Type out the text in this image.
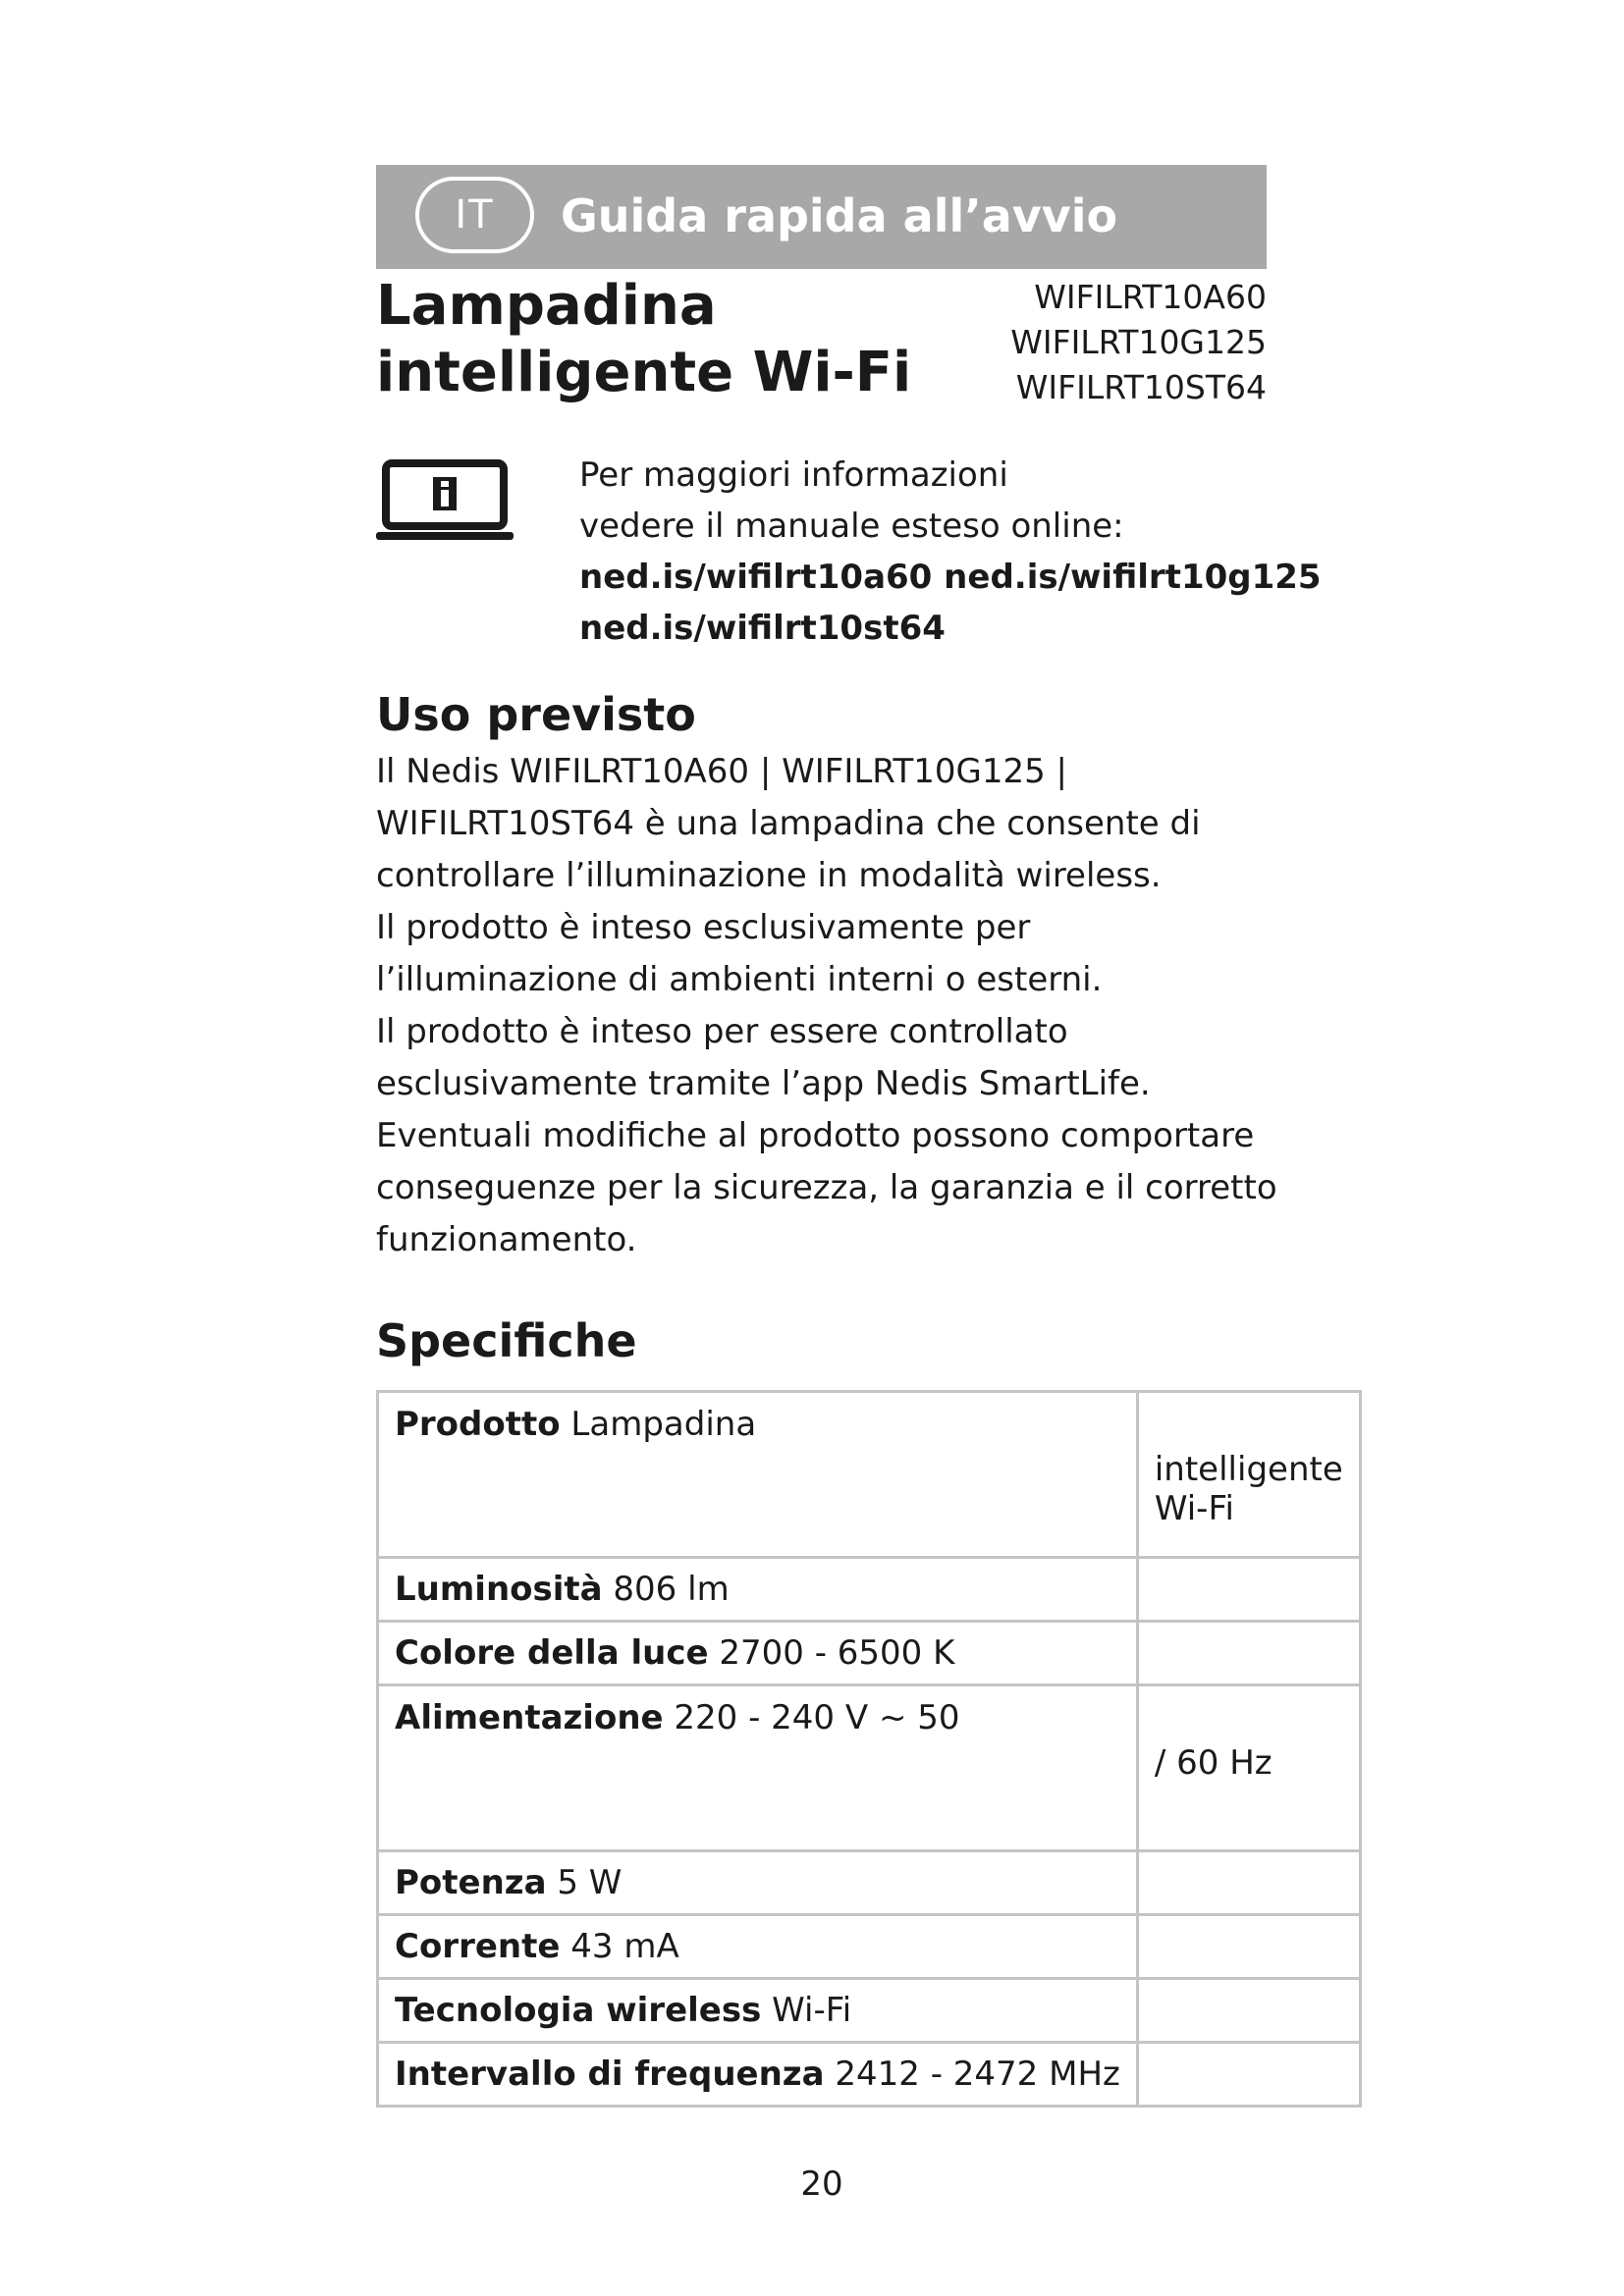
IT	Guida rapida all’avvio
Lampadina
intelligente Wi-Fi
WIFILRT10A60
WIFILRT10G125
WIFILRT10ST64
Per maggiori informazioni
vedere il manuale esteso online:
ned.is/wifilrt10a60 ned.is/wifilrt10g125
ned.is/wifilrt10st64
Uso previsto

Il Nedis WIFILRT10A60 | WIFILRT10G125 | WIFILRT10ST64 è una lampadina che consente di controllare l’illuminazione in modalità wireless.

Il prodotto è inteso esclusivamente per l’illuminazione di ambienti interni o esterni.

Il prodotto è inteso per essere controllato esclusivamente tramite l’app Nedis SmartLife.

Eventuali modifiche al prodotto possono comportare conseguenze per la sicurezza, la garanzia e il corretto funzionamento.

Specifiche
Prodotto Lampadina	intelligente Wi-Fi
Luminosità 806 lm	
Colore della luce 2700 - 6500 K	
Alimentazione 220 - 240 V ~ 50	/ 60 Hz
Potenza 5 W	
Corrente 43 mA	
Tecnologia wireless Wi-Fi	
Intervallo di frequenza 2412 - 2472 MHz	
20
